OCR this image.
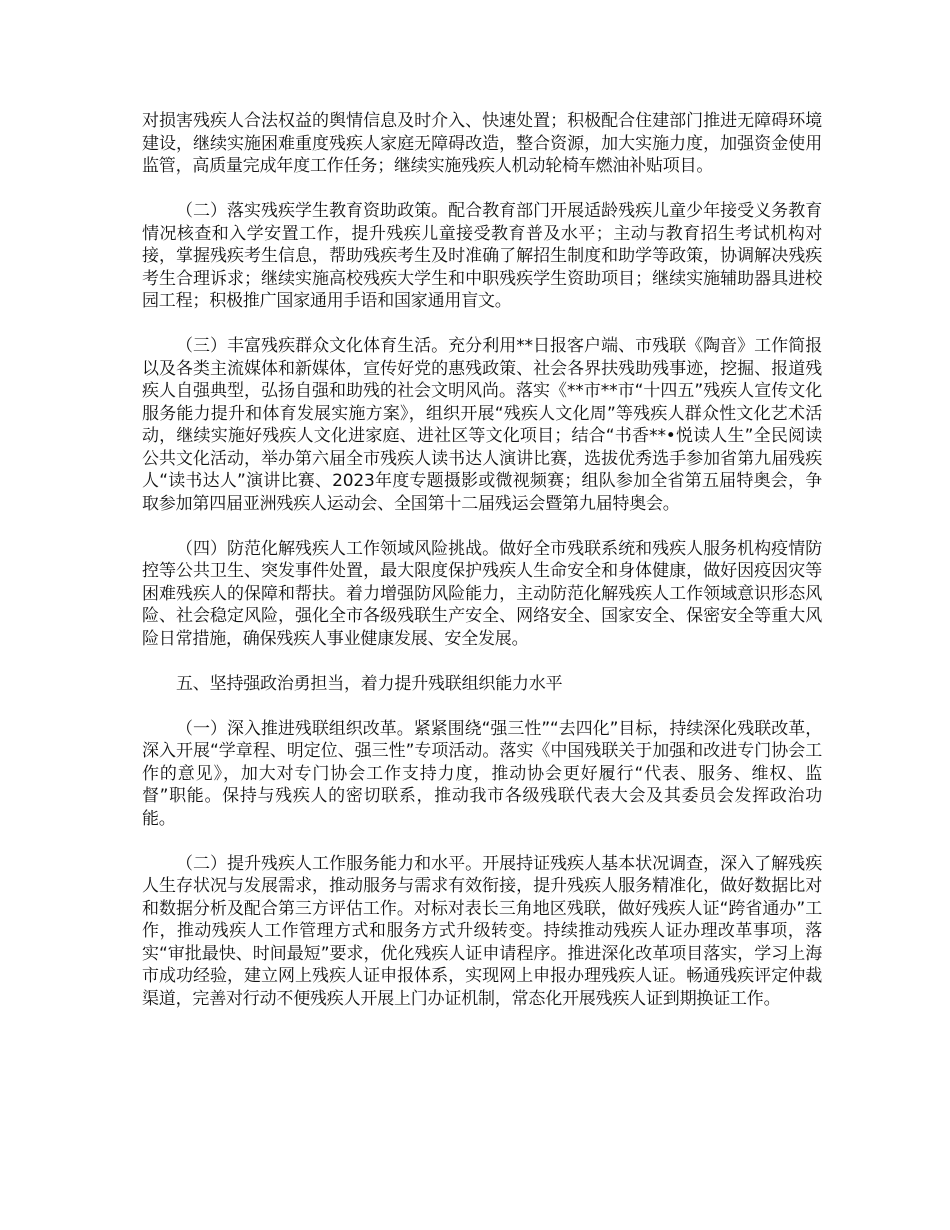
对损害残疾人合法权益的舆情信息及时介入、快速处置；积极配合住建部门推进无障碍环境建设，继续实施困难重度残疾人家庭无障碍改造，整合资源，加大实施力度，加强资金使用监管，高质量完成年度工作任务；继续实施残疾人机动轮椅车燃油补贴项目。

（二）落实残疾学生教育资助政策。配合教育部门开展适龄残疾儿童少年接受义务教育情况核查和入学安置工作，提升残疾儿童接受教育普及水平；主动与教育招生考试机构对接，掌握残疾考生信息，帮助残疾考生及时准确了解招生制度和助学等政策，协调解决残疾考生合理诉求；继续实施高校残疾大学生和中职残疾学生资助项目；继续实施辅助器具进校园工程；积极推广国家通用手语和国家通用盲文。

（三）丰富残疾群众文化体育生活。充分利用**日报客户端、市残联《陶音》工作简报以及各类主流媒体和新媒体，宣传好党的惠残政策、社会各界扶残助残事迹，挖掘、报道残疾人自强典型，弘扬自强和助残的社会文明风尚。落实《**市**市“十四五”残疾人宣传文化服务能力提升和体育发展实施方案》，组织开展“残疾人文化周”等残疾人群众性文化艺术活动，继续实施好残疾人文化进家庭、进社区等文化项目；结合“书香**•悦读人生”全民阅读公共文化活动，举办第六届全市残疾人读书达人演讲比赛，选拔优秀选手参加省第九届残疾人“读书达人”演讲比赛、2023年度专题摄影或微视频赛；组队参加全省第五届特奥会，争取参加第四届亚洲残疾人运动会、全国第十二届残运会暨第九届特奥会。

（四）防范化解残疾人工作领域风险挑战。做好全市残联系统和残疾人服务机构疫情防控等公共卫生、突发事件处置，最大限度保护残疾人生命安全和身体健康，做好因疫因灾等困难残疾人的保障和帮扶。着力增强防风险能力，主动防范化解残疾人工作领域意识形态风险、社会稳定风险，强化全市各级残联生产安全、网络安全、国家安全、保密安全等重大风险日常措施，确保残疾人事业健康发展、安全发展。

五、坚持强政治勇担当，着力提升残联组织能力水平

（一）深入推进残联组织改革。紧紧围绕“强三性”“去四化”目标，持续深化残联改革，深入开展“学章程、明定位、强三性”专项活动。落实《中国残联关于加强和改进专门协会工作的意见》，加大对专门协会工作支持力度，推动协会更好履行“代表、服务、维权、监督”职能。保持与残疾人的密切联系，推动我市各级残联代表大会及其委员会发挥政治功能。

（二）提升残疾人工作服务能力和水平。开展持证残疾人基本状况调查，深入了解残疾人生存状况与发展需求，推动服务与需求有效衔接，提升残疾人服务精准化，做好数据比对和数据分析及配合第三方评估工作。对标对表长三角地区残联，做好残疾人证“跨省通办”工作，推动残疾人工作管理方式和服务方式升级转变。持续推动残疾人证办理改革事项，落实“审批最快、时间最短”要求，优化残疾人证申请程序。推进深化改革项目落实，学习上海市成功经验，建立网上残疾人证申报体系，实现网上申报办理残疾人证。畅通残疾评定仲裁渠道，完善对行动不便残疾人开展上门办证机制，常态化开展残疾人证到期换证工作。
